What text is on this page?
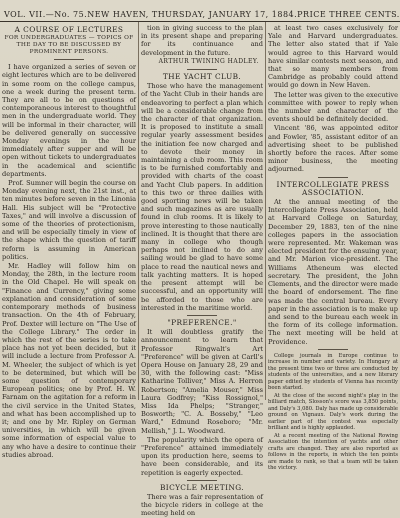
VOL. VII.—No. 75. NEW HAVEN, THURSDAY, JANUARY 17, 1884. PRICE THREE CENTS.
A COURSE OF LECTURES
FOR UNDERGRADUATES — TOPICS OF THE DAY TO BE DISCUSSED BY PROMINENT PERSONS.

I have organized a series of seven or eight lectures which are to be delivered in some room on the college campus, one a week during the present term. They are all to be on questions of contemporaneous interest to thoughtful men in the undergraduate world. They will be informal in their character, will be delivered generally on successive Monday evenings in the hour immediately after supper and will be open without tickets to undergraduates in the academical and scientific departments.

Prof. Sumner will begin the course on Monday evening next, the 21st inst., at ten minutes before seven in the Linonia Hall. His subject will be "Protective Taxes," and will involve a discussion of some of the theories of protectionism, and will be especially timely in view of the shape which the question of tariff reform is assuming in American politics.

Mr. Hadley will follow him on Monday, the 28th, in the lecture room in the Old Chapel. He will speak on "Finance and Currency," giving some explanation and consideration of some contemporary methods of business transaction. On the 4th of February, Prof. Dexter will lecture on "The Use of the College Library." The order in which the rest of the series is to take place has not yet been decided, but it will include a lecture from Professor A. M. Wheeler, the subject of which is yet to be determined, but which will be some question of contemporary European politics; one by Prof. H. W. Farnam on the agitation for a reform in the civil service in the United States, and what has been accomplished up to it; and one by Mr. Ripley on German universities, in which will be given some information of especial value to any who have a desire to continue their studies abroad.

tion in giving success to the plan in its present shape and preparing for its continuance and development in the future.

ARTHUR TWINING HADLEY.
THE YACHT CLUB.

Those who have the management of the Yacht Club in their hands are endeavoring to perfect a plan which will be a considerable change from the character of that organization. It is proposed to institute a small regular yearly assessment besides the initiation fee now charged and to devote their money in maintaining a club room. This room is to be furnished comfortably and provided with charts of the coast and Yacht Club papers. In addition to this two or three dailies with good sporting news will be taken and such magazines as are usually found in club rooms. It is likely to prove interesting to those nautically inclined. It is thought that there are many in college who though perhaps not inclined to do any sailing would be glad to have some place to read the nautical news and talk yachting matters. It is hoped the present attempt will be successful, and an opportunity will be afforded to those who are interested in the maritime world.

"PREFERENCE."

It will doubtless gratify the announcement to learn that Professor Ringwalt's Art "Preference" will be given at Carll's Opera House on January 28, 29 and 30, with the following cast: "Miss Katharine Tolliver," Miss A. Herron Robertson; "Amelia Mouser," Miss Laura Godfrey; "Kiss Rossignol," Miss Ida Phelps; "Stranger," Bosworth; "C. A. Bosseby," "Leo Ward," Edmund Roseboro; "Mr. Mellish," J. L. Woodward.

The popularity which the opera of "Preference" attained immediately upon its production here, seems to have been considerable, and its repetition is eagerly expected.

BICYCLE MEETING.

There was a fair representation of the bicycle riders in college at the meeting held on

at least two cases exclusively for Yale and Harvard undergraduates. The letter also stated that if Yale would agree to this Harvard would have similar contests next season, and that so many members from Cambridge as probably could attend would go down in New Haven.

The letter was given to the executive committee with power to reply when the number and character of the events should be definitely decided.

Vincent '86, was appointed editor and Fowler, '85, assistant editor of an advertising sheet to be published shortly before the races. After some minor business, the meeting adjourned.

INTERCOLLEGIATE PRESS ASSOCIATION.

At the annual meeting of the Intercollegiate Press Association, held at Harvard College on Saturday, December 29, 1883, ten of the nine colleges papers in the association were represented. Mr. Wakeman was elected president for the ensuing year, and Mr. Marion vice-president. The Williams Atheneum was elected secretary. The president, the John Clements, and the director were made the board of endorsement. The fine was made the central bureau. Every paper in the association is to make up and send to the bureau each week in the form of its college information. The next meeting will be held at Providence.

College journals in Europe continue to increase in number and variety. In Hungary at the present time two or three are conducted by students of the universities, and a new literary paper edited by students of Vienna has recently been started.

At the close of the second night's play in the billiard match, Slosson's score was 3,850 points, and Daly's 3,080. Daly has made up considerable ground on Vignaux. Daly's work during the earlier part of the contest was especially brilliant and is highly applauded.

At a recent meeting of the National Rowing Association the intention of yachts and other crafts are changed. They are also reported as follows in the reports, in which the ten points are made to rank, so that a team will be taken the victory.
